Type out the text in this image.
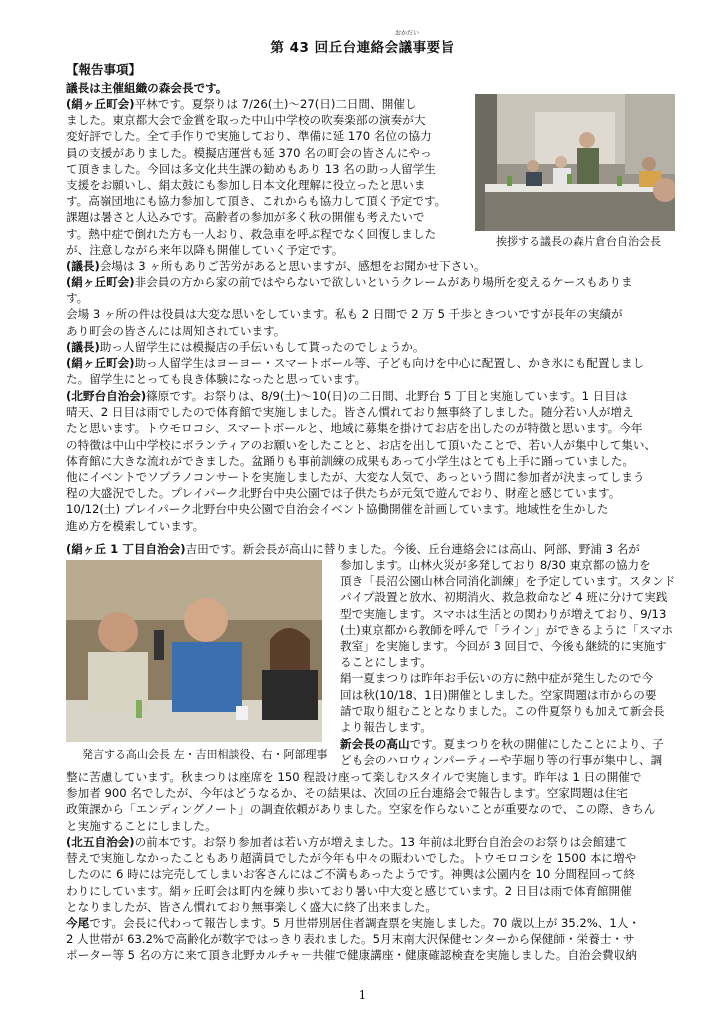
おかだい
第 43 回丘台連絡会議事要旨
【報告事項】
議長は主催組織の森会長です。

(絹ヶ丘町会)平林です。夏祭りは 7/26(土)～27(日)二日間、開催し
ました。東京都大会で金賞を取った中山中学校の吹奏楽部の演奏が大
変好評でした。全て手作りで実施しており、準備に延 170 名位の協力
員の支援がありました。模擬店運営も延 370 名の町会の皆さんにやっ
て頂きました。今回は多文化共生課の勧めもあり 13 名の助っ人留学生
支援をお願いし、絹太鼓にも参加し日本文化理解に役立ったと思いま
す。高嶺団地にも協力参加して頂き、これからも協力して頂く予定です。
課題は暑さと人込みです。高齢者の参加が多く秋の開催も考えたいで
す。熱中症で倒れた方も一人おり、救急車を呼ぶ程でなく回復しました
が、注意しながら来年以降も開催していく予定です。

挨拶する議長の森片倉台自治会長

(議長)会場は 3 ヶ所もありご苦労があると思いますが、感想をお聞かせ下さい。

(絹ヶ丘町会)非会員の方から家の前ではやらないで欲しいというクレームがあり場所を変えるケースもありま
す。
会場 3 ヶ所の件は役員は大変な思いをしています。私も 2 日間で 2 万 5 千歩ときついですが長年の実績が
あり町会の皆さんには周知されています。

(議長)助っ人留学生には模擬店の手伝いもして貰ったのでしょうか。

(絹ヶ丘町会)助っ人留学生はヨーヨー・スマートボール等、子ども向けを中心に配置し、かき氷にも配置しまし
た。留学生にとっても良き体験になったと思っています。

(北野台自治会)篠原です。お祭りは、8/9(土)～10(日)の二日間、北野台 5 丁目と実施しています。1 日目は
晴天、2 日目は雨でしたので体育館で実施しました。皆さん慣れており無事終了しました。随分若い人が増え
たと思います。トウモロコシ、スマートボールと、地域に募集を掛けてお店を出したのが特徴と思います。今年
の特徴は中山中学校にボランティアのお願いをしたことと、お店を出して頂いたことで、若い人が集中して集い、
体育館に大きな流れができました。盆踊りも事前訓練の成果もあって小学生はとても上手に踊っていました。
他にイベントでソプラノコンサートを実施しましたが、大変な人気で、あっという間に参加者が決まってしまう
程の大盛況でした。プレイパーク北野台中央公園では子供たちが元気で遊んでおり、財産と感じています。
10/12(土) プレイパーク北野台中央公園で自治会イベント協働開催を計画しています。地域性を生かした
進め方を模索しています。

(絹ヶ丘 1 丁目自治会)吉田です。新会長が高山に替りました。今後、丘台連絡会には高山、阿部、野浦 3 名が

発言する高山会長 左・吉田相談役、右・阿部理事

参加します。山林火災が多発しており 8/30 東京都の協力を
頂き「長沼公園山林合同消化訓練」を予定しています。スタンド
パイプ設置と放水、初期消火、救急救命など 4 班に分けて実践
型で実施します。スマホは生活との関わりが増えており、9/13
(土)東京都から教師を呼んで「ライン」ができるように「スマホ
教室」を実施します。今回が 3 回目で、今後も継続的に実施す
ることにします。
絹一夏まつりは昨年お手伝いの方に熱中症が発生したので今
回は秋(10/18、1日)開催としました。空家問題は市からの要
請で取り組むこととなりました。この件夏祭りも加えて新会長
より報告します。

新会長の高山です。夏まつりを秋の開催にしたことにより、子
ども会のハロウィンパーティーや芋堀り等の行事が集中し、調

整に苦慮しています。秋まつりは座席を 150 程設け座って楽しむスタイルで実施します。昨年は 1 日の開催で
参加者 900 名でしたが、今年はどうなるか、その結果は、次回の丘台連絡会で報告します。空家問題は住宅
政策課から「エンディングノート」の調査依頼がありました。空家を作らないことが重要なので、この際、きちん
と実施することにしました。

(北五自治会)の前本です。お祭り参加者は若い方が増えました。13 年前は北野台自治会のお祭りは会館建て
替えで実施しなかったこともあり超満員でしたが今年も中々の賑わいでした。トウモロコシを 1500 本に増や
したのに 6 時には完売してしまいお客さんにはご不満もあったようです。神輿は公園内を 10 分間程回って終
わりにしています。絹ヶ丘町会は町内を練り歩いており暑い中大変と感じています。2 日目は雨で体育館開催
となりましたが、皆さん慣れており無事楽しく盛大に終了出来ました。

今尾です。会長に代わって報告します。5 月世帯別居住者調査票を実施しました。70 歳以上が 35.2%、1人・
2 人世帯が 63.2%で高齢化が数字ではっきり表れました。5月末南大沢保健センターから保健師・栄養士・サ
ポーター等 5 名の方に来て頂き北野カルチャ－共催で健康講座・健康確認検査を実施しました。自治会費収納

1
